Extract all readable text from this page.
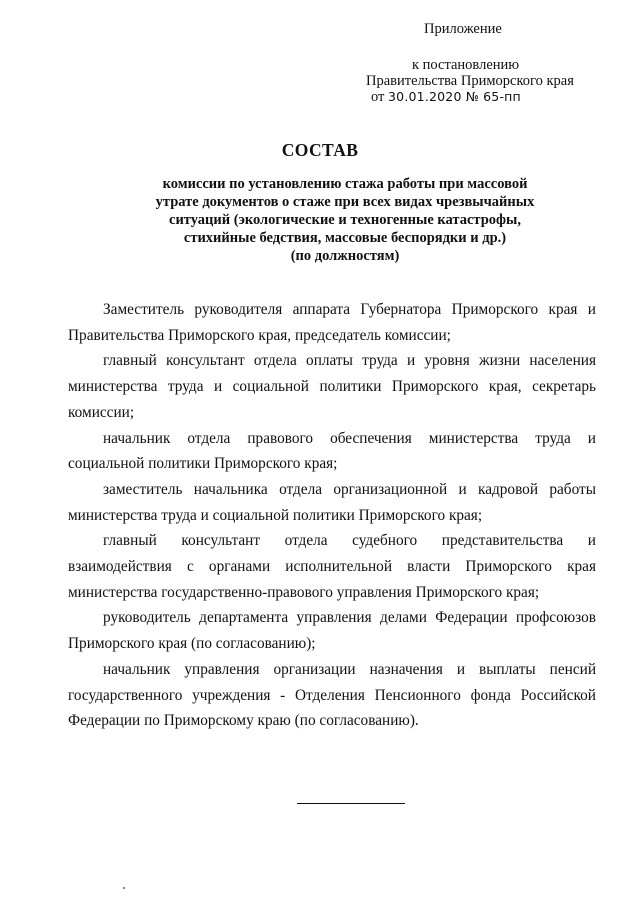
Приложение
к постановлению
Правительства Приморского края
от 30.01.2020 № 65-пп
СОСТАВ
комиссии по установлению стажа работы при массовой
утрате документов о стаже при всех видах чрезвычайных
ситуаций (экологические и техногенные катастрофы,
стихийные бедствия, массовые беспорядки и др.)
(по должностям)

Заместитель руководителя аппарата Губернатора Приморского края и Правительства Приморского края, председатель комиссии;

главный консультант отдела оплаты труда и уровня жизни населения министерства труда и социальной политики Приморского края, секретарь комиссии;

начальник отдела правового обеспечения министерства труда и социальной политики Приморского края;

заместитель начальника отдела организационной и кадровой работы министерства труда и социальной политики Приморского края;

главный консультант отдела судебного представительства и взаимодействия с органами исполнительной власти Приморского края министерства государственно-правового управления Приморского края;

руководитель департамента управления делами Федерации профсоюзов Приморского края (по согласованию);

начальник управления организации назначения и выплаты пенсий государственного учреждения - Отделения Пенсионного фонда Российской Федерации по Приморскому краю (по согласованию).
